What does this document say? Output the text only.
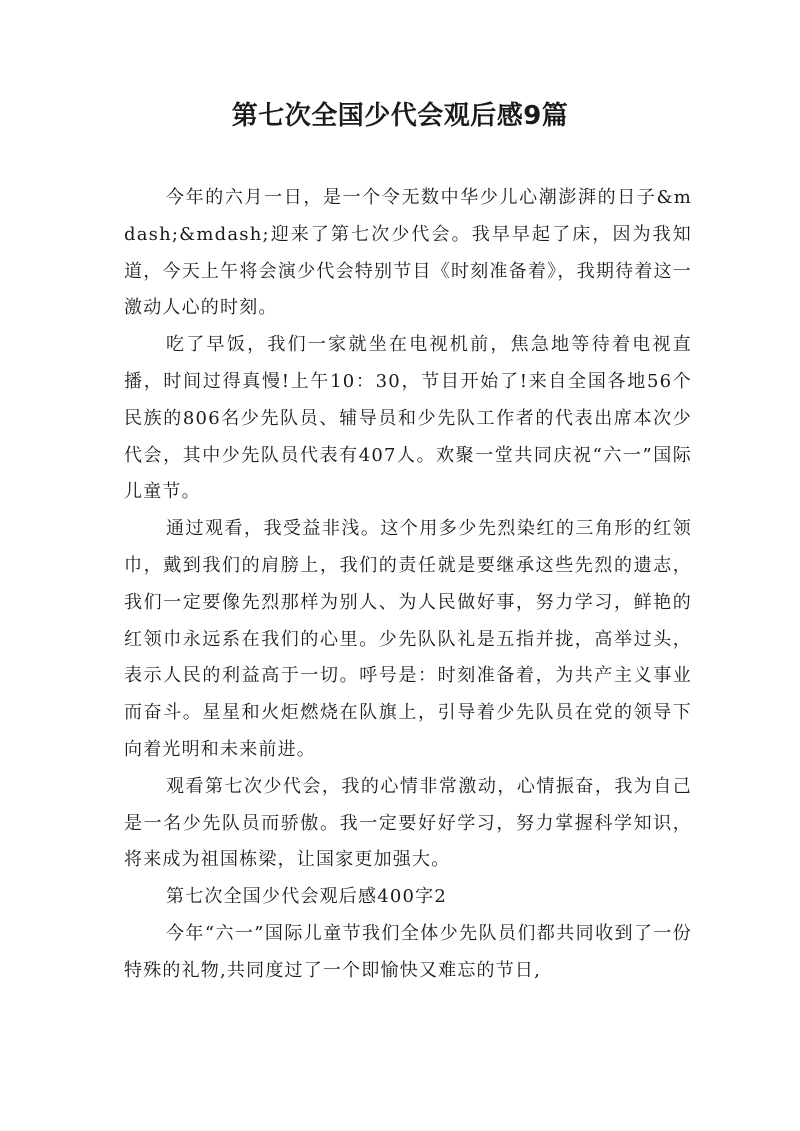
第七次全国少代会观后感9篇

今年的六月一日，是一个令无数中华少儿心潮澎湃的日子&mdash;&mdash;迎来了第七次少代会。我早早起了床，因为我知道，今天上午将会演少代会特别节目《时刻准备着》，我期待着这一激动人心的时刻。

吃了早饭，我们一家就坐在电视机前，焦急地等待着电视直播，时间过得真慢!上午10：30，节目开始了!来自全国各地56个民族的806名少先队员、辅导员和少先队工作者的代表出席本次少代会，其中少先队员代表有407人。欢聚一堂共同庆祝“六一”国际儿童节。

通过观看，我受益非浅。这个用多少先烈染红的三角形的红领巾，戴到我们的肩膀上，我们的责任就是要继承这些先烈的遗志，我们一定要像先烈那样为别人、为人民做好事，努力学习，鲜艳的红领巾永远系在我们的心里。少先队队礼是五指并拢，高举过头，表示人民的利益高于一切。呼号是：时刻准备着，为共产主义事业而奋斗。星星和火炬燃烧在队旗上，引导着少先队员在党的领导下向着光明和未来前进。

观看第七次少代会，我的心情非常激动，心情振奋，我为自己是一名少先队员而骄傲。我一定要好好学习，努力掌握科学知识，将来成为祖国栋梁，让国家更加强大。

第七次全国少代会观后感400字2

今年“六一”国际儿童节我们全体少先队员们都共同收到了一份特殊的礼物,共同度过了一个即愉快又难忘的节日,
